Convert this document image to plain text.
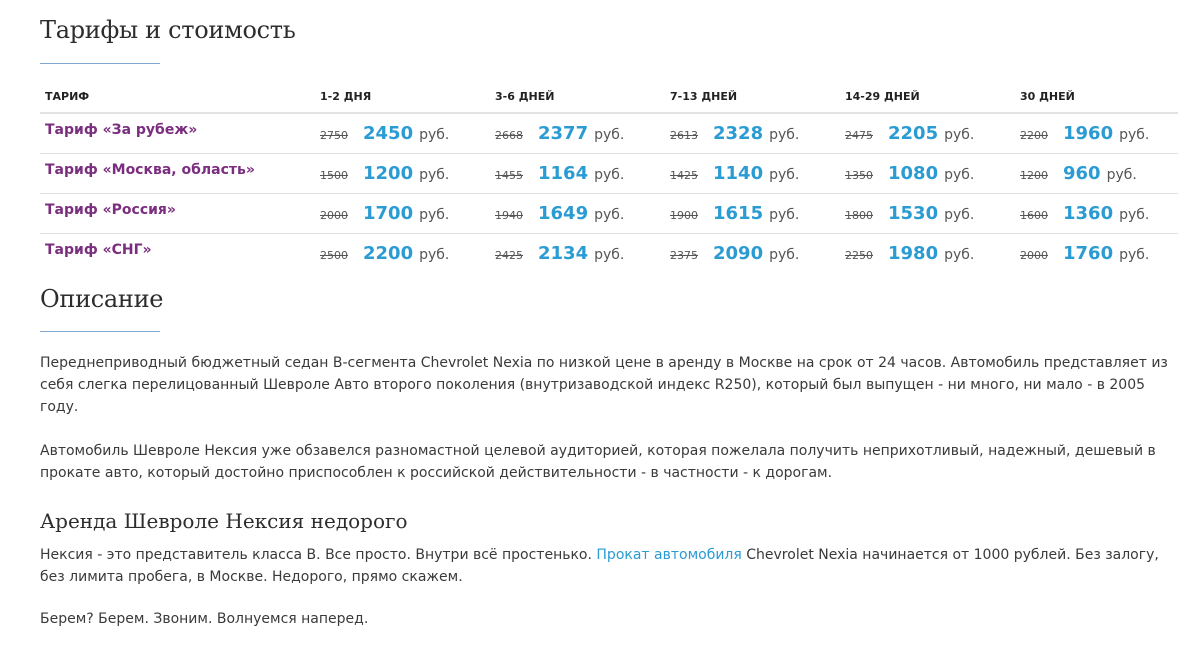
Тарифы и стоимость
ТАРИФ	1-2 ДНЯ	3-6 ДНЕЙ	7-13 ДНЕЙ	14-29 ДНЕЙ	30 ДНЕЙ
Тариф «За рубеж»	2750 2450 руб.	2668 2377 руб.	2613 2328 руб.	2475 2205 руб.	2200 1960 руб.
Тариф «Москва, область»	1500 1200 руб.	1455 1164 руб.	1425 1140 руб.	1350 1080 руб.	1200 960 руб.
Тариф «Россия»	2000 1700 руб.	1940 1649 руб.	1900 1615 руб.	1800 1530 руб.	1600 1360 руб.
Тариф «СНГ»	2500 2200 руб.	2425 2134 руб.	2375 2090 руб.	2250 1980 руб.	2000 1760 руб.
Описание

Переднеприводный бюджетный седан B-сегмента Chevrolet Nexia по низкой цене в аренду в Москве на срок от 24 часов. Автомобиль представляет из себя слегка перелицованный Шевроле Авто второго поколения (внутризаводской индекс R250), который был выпущен - ни много, ни мало - в 2005 году.

Автомобиль Шевроле Нексия уже обзавелся разномастной целевой аудиторией, которая пожелала получить неприхотливый, надежный, дешевый в прокате авто, который достойно приспособлен к российской действительности - в частности - к дорогам.

Аренда Шевроле Нексия недорого

Нексия - это представитель класса B. Все просто. Внутри всё простенько. Прокат автомобиля Chevrolet Nexia начинается от 1000 рублей. Без залогу, без лимита пробега, в Москве. Недорого, прямо скажем.

Берем? Берем. Звоним. Волнуемся наперед.
